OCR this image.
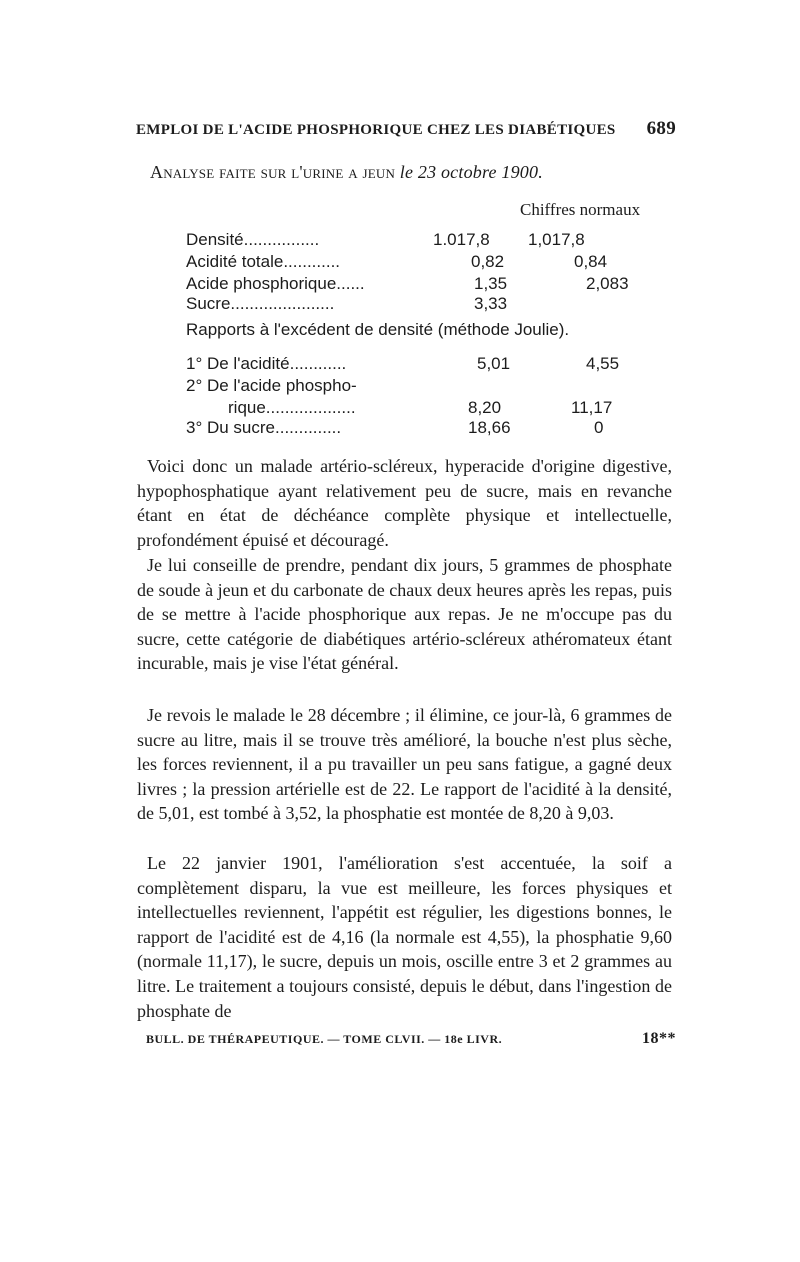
EMPLOI DE L'ACIDE PHOSPHORIQUE CHEZ LES DIABÉTIQUES 689
Analyse faite sur l'urine a jeun le 23 octobre 1900.
Chiffres normaux
Densité................	1.017,8 1,017,8
Acidité totale............	0,82	0,84
Acide phosphorique......	1,35	2,083
Sucre......................	3,33
Rapports à l'excédent de densité (méthode Joulie).
1° De l'acidité............	5,01	4,55
2° De l'acide phospho-
rique...................	8,20	11,17
3° Du sucre..............	18,66	0

Voici donc un malade artério-scléreux, hyperacide d'origine digestive, hypophosphatique ayant relativement peu de sucre, mais en revanche étant en état de déchéance complète physique et intellectuelle, profondément épuisé et découragé.

Je lui conseille de prendre, pendant dix jours, 5 grammes de phosphate de soude à jeun et du carbonate de chaux deux heures après les repas, puis de se mettre à l'acide phosphorique aux repas. Je ne m'occupe pas du sucre, cette catégorie de diabétiques artério-scléreux athéromateux étant incurable, mais je vise l'état général.

Je revois le malade le 28 décembre ; il élimine, ce jour-là, 6 grammes de sucre au litre, mais il se trouve très amélioré, la bouche n'est plus sèche, les forces reviennent, il a pu travailler un peu sans fatigue, a gagné deux livres ; la pression artérielle est de 22. Le rapport de l'acidité à la densité, de 5,01, est tombé à 3,52, la phosphatie est montée de 8,20 à 9,03.

Le 22 janvier 1901, l'amélioration s'est accentuée, la soif a complètement disparu, la vue est meilleure, les forces physiques et intellectuelles reviennent, l'appétit est régulier, les digestions bonnes, le rapport de l'acidité est de 4,16 (la normale est 4,55), la phosphatie 9,60 (normale 11,17), le sucre, depuis un mois, oscille entre 3 et 2 grammes au litre. Le traitement a toujours consisté, depuis le début, dans l'ingestion de phosphate de

BULL. DE THÉRAPEUTIQUE. — TOME CLVII. — 18e LIVR.	18**
